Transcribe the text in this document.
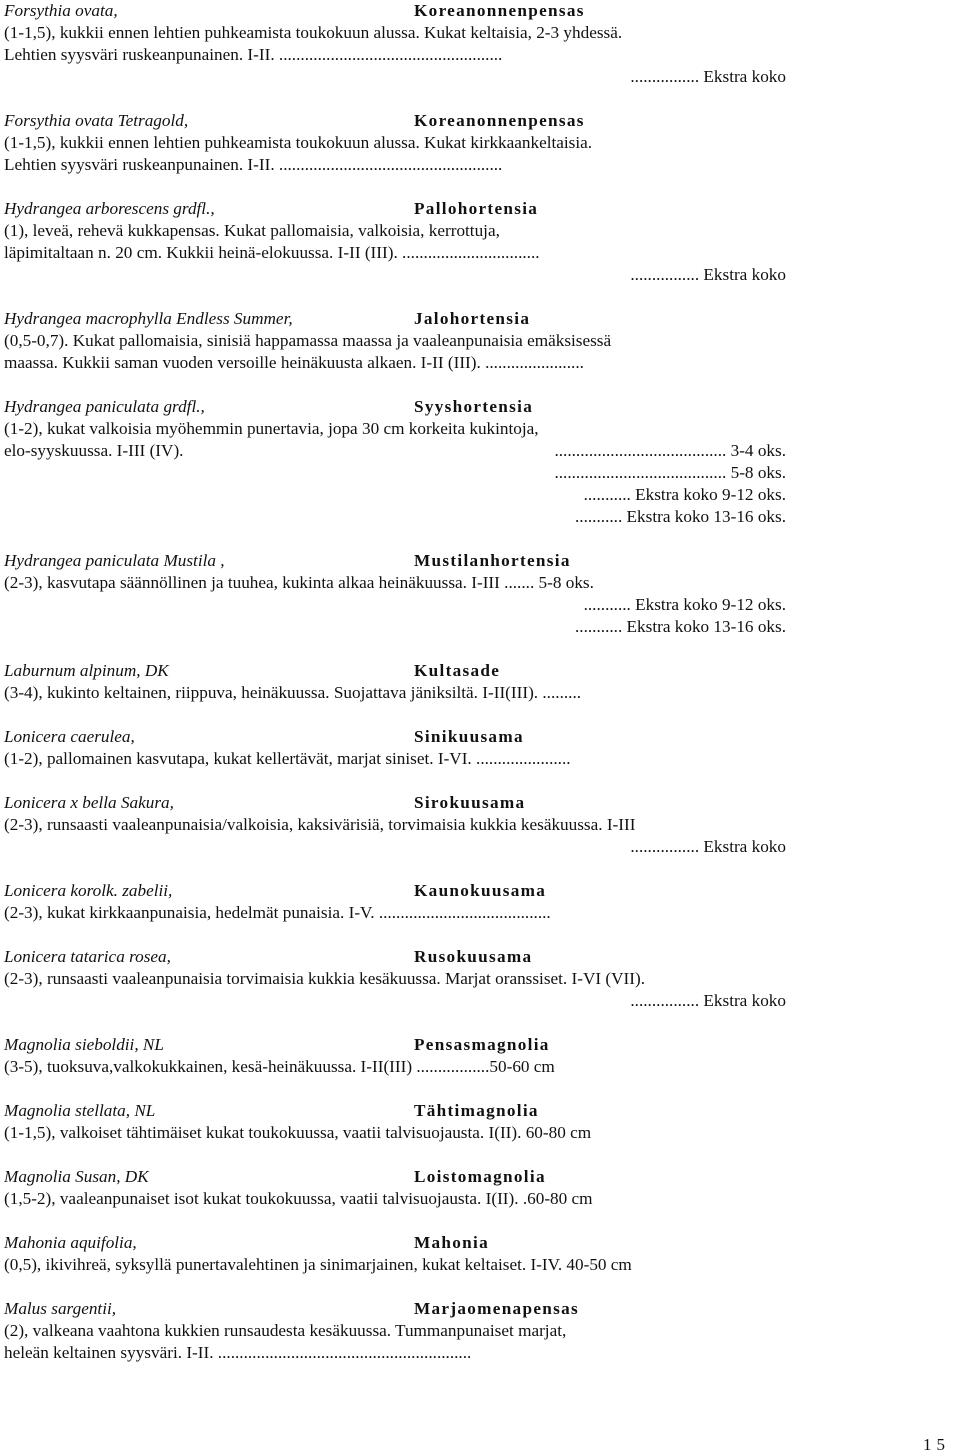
Forsythia ovata,	Koreanonnenpensas
(1-1,5), kukkii ennen lehtien puhkeamista toukokuun alussa. Kukat keltaisia, 2-3 yhdessä.
Lehtien syysväri ruskeanpunainen. I-II. ....................................................
................ Ekstra koko
Forsythia ovata Tetragold,	Koreanonnenpensas
(1-1,5), kukkii ennen lehtien puhkeamista toukokuun alussa. Kukat kirkkaankeltaisia.
Lehtien syysväri ruskeanpunainen. I-II. ....................................................
Hydrangea arborescens grdfl.,	Pallohortensia
(1), leveä, rehevä kukkapensas. Kukat pallomaisia, valkoisia, kerrottuja,
läpimitaltaan n. 20 cm. Kukkii heinä-elokuussa. I-II (III). ................................
................ Ekstra koko
Hydrangea macrophylla Endless Summer,	Jalohortensia
(0,5-0,7). Kukat pallomaisia, sinisiä happamassa maassa ja vaaleanpunaisia emäksisessä
maassa. Kukkii saman vuoden versoille heinäkuusta alkaen. I-II (III). .......................
Hydrangea paniculata grdfl.,	Syyshortensia
(1-2), kukat valkoisia myöhemmin punertavia, jopa 30 cm korkeita kukintoja,
elo-syyskuussa. I-III (IV).	........................................ 3-4 oks.
........................................ 5-8 oks.
........... Ekstra koko 9-12 oks.
........... Ekstra koko 13-16 oks.
Hydrangea paniculata Mustila ,	Mustilanhortensia
(2-3), kasvutapa säännöllinen ja tuuhea, kukinta alkaa heinäkuussa. I-III ....... 5-8 oks.
........... Ekstra koko 9-12 oks.
........... Ekstra koko 13-16 oks.
Laburnum alpinum, DK	Kultasade
(3-4), kukinto keltainen, riippuva, heinäkuussa. Suojattava jäniksiltä. I-II(III). .........
Lonicera caerulea,	Sinikuusama
(1-2), pallomainen kasvutapa, kukat kellertävät, marjat siniset. I-VI. ......................
Lonicera x bella Sakura,	Sirokuusama
(2-3), runsaasti vaaleanpunaisia/valkoisia, kaksivärisiä, torvimaisia kukkia kesäkuussa. I-III
................ Ekstra koko
Lonicera korolk. zabelii,	Kaunokuusama
(2-3), kukat kirkkaanpunaisia, hedelmät punaisia. I-V. ........................................
Lonicera tatarica rosea,	Rusokuusama
(2-3), runsaasti vaaleanpunaisia torvimaisia kukkia kesäkuussa. Marjat oranssiset. I-VI (VII).
................ Ekstra koko
Magnolia sieboldii, NL	Pensasmagnolia
(3-5), tuoksuva,valkokukkainen, kesä-heinäkuussa. I-II(III) .................50-60 cm
Magnolia stellata, NL	Tähtimagnolia
(1-1,5), valkoiset tähtimäiset kukat toukokuussa, vaatii talvisuojausta. I(II). 60-80 cm
Magnolia Susan, DK	Loistomagnolia
(1,5-2), vaaleanpunaiset isot kukat toukokuussa, vaatii talvisuojausta. I(II). .60-80 cm
Mahonia aquifolia,	Mahonia
(0,5), ikivihreä, syksyllä punertavalehtinen ja sinimarjainen, kukat keltaiset. I-IV. 40-50 cm
Malus sargentii,	Marjaomenapensas
(2), valkeana vaahtona kukkien runsaudesta kesäkuussa. Tummanpunaiset marjat,
heleän keltainen syysväri. I-II. ...........................................................
15
